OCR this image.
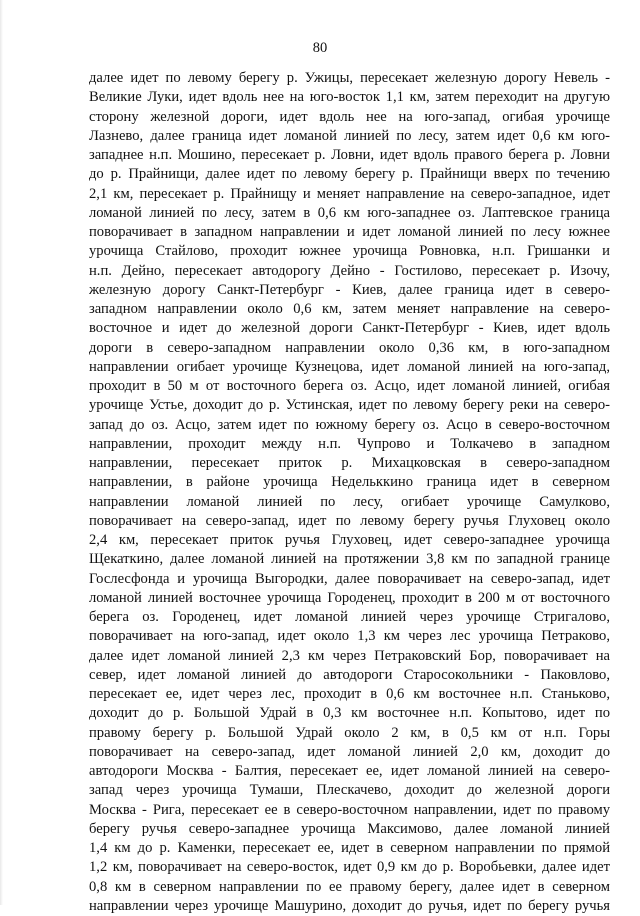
80
далее идет по левому берегу р. Ужицы, пересекает железную дорогу Невель -
Великие Луки, идет вдоль нее на юго-восток 1,1 км, затем переходит на другую
сторону железной дороги, идет вдоль нее на юго-запад, огибая урочище
Лазнево, далее граница идет ломаной линией по лесу, затем идет 0,6 км юго-
западнее н.п. Мошино, пересекает р. Ловни, идет вдоль правого берега р. Ловни
до р. Прайнищи, далее идет по левому берегу р. Прайнищи вверх по течению
2,1 км, пересекает р. Прайнищу и меняет направление на северо-западное, идет
ломаной линией по лесу, затем в 0,6 км юго-западнее оз. Лаптевское граница
поворачивает в западном направлении и идет ломаной линией по лесу южнее
урочища Стайлово, проходит южнее урочища Ровновка, н.п. Гришанки и
н.п. Дейно, пересекает автодорогу Дейно - Гостилово, пересекает р. Изочу,
железную дорогу Санкт-Петербург - Киев, далее граница идет в северо-
западном направлении около 0,6 км, затем меняет направление на северо-
восточное и идет до железной дороги Санкт-Петербург - Киев, идет вдоль
дороги в северо-западном направлении около 0,36 км, в юго-западном
направлении огибает урочище Кузнецова, идет ломаной линией на юго-запад,
проходит в 50 м от восточного берега оз. Асцо, идет ломаной линией, огибая
урочище Устье, доходит до р. Устинская, идет по левому берегу реки на северо-
запад до оз. Асцо, затем идет по южному берегу оз. Асцо в северо-восточном
направлении, проходит между н.п. Чупрово и Толкачево в западном
направлении, пересекает приток р. Михацковская в северо-западном
направлении, в районе урочища Недельккино граница идет в северном
направлении ломаной линией по лесу, огибает урочище Самулково,
поворачивает на северо-запад, идет по левому берегу ручья Глуховец около
2,4 км, пересекает приток ручья Глуховец, идет северо-западнее урочища
Щекаткино, далее ломаной линией на протяжении 3,8 км по западной границе
Гослесфонда и урочища Выгородки, далее поворачивает на северо-запад, идет
ломаной линией восточнее урочища Городенец, проходит в 200 м от восточного
берега оз. Городенец, идет ломаной линией через урочище Стригалово,
поворачивает на юго-запад, идет около 1,3 км через лес урочища Петраково,
далее идет ломаной линией 2,3 км через Петраковский Бор, поворачивает на
север, идет ломаной линией до автодороги Старосокольники - Паковлово,
пересекает ее, идет через лес, проходит в 0,6 км восточнее н.п. Станьково,
доходит до р. Большой Удрай в 0,3 км восточнее н.п. Копытово, идет по
правому берегу р. Большой Удрай около 2 км, в 0,5 км от н.п. Горы
поворачивает на северо-запад, идет ломаной линией 2,0 км, доходит до
автодороги Москва - Балтия, пересекает ее, идет ломаной линией на северо-
запад через урочища Тумаши, Плескачево, доходит до железной дороги
Москва - Рига, пересекает ее в северо-восточном направлении, идет по правому
берегу ручья северо-западнее урочища Максимово, далее ломаной линией
1,4 км до р. Каменки, пересекает ее, идет в северном направлении по прямой
1,2 км, поворачивает на северо-восток, идет 0,9 км до р. Воробьевки, далее идет
0,8 км в северном направлении по ее правому берегу, далее идет в северном
направлении через урочище Машурино, доходит до ручья, идет по берегу ручья
